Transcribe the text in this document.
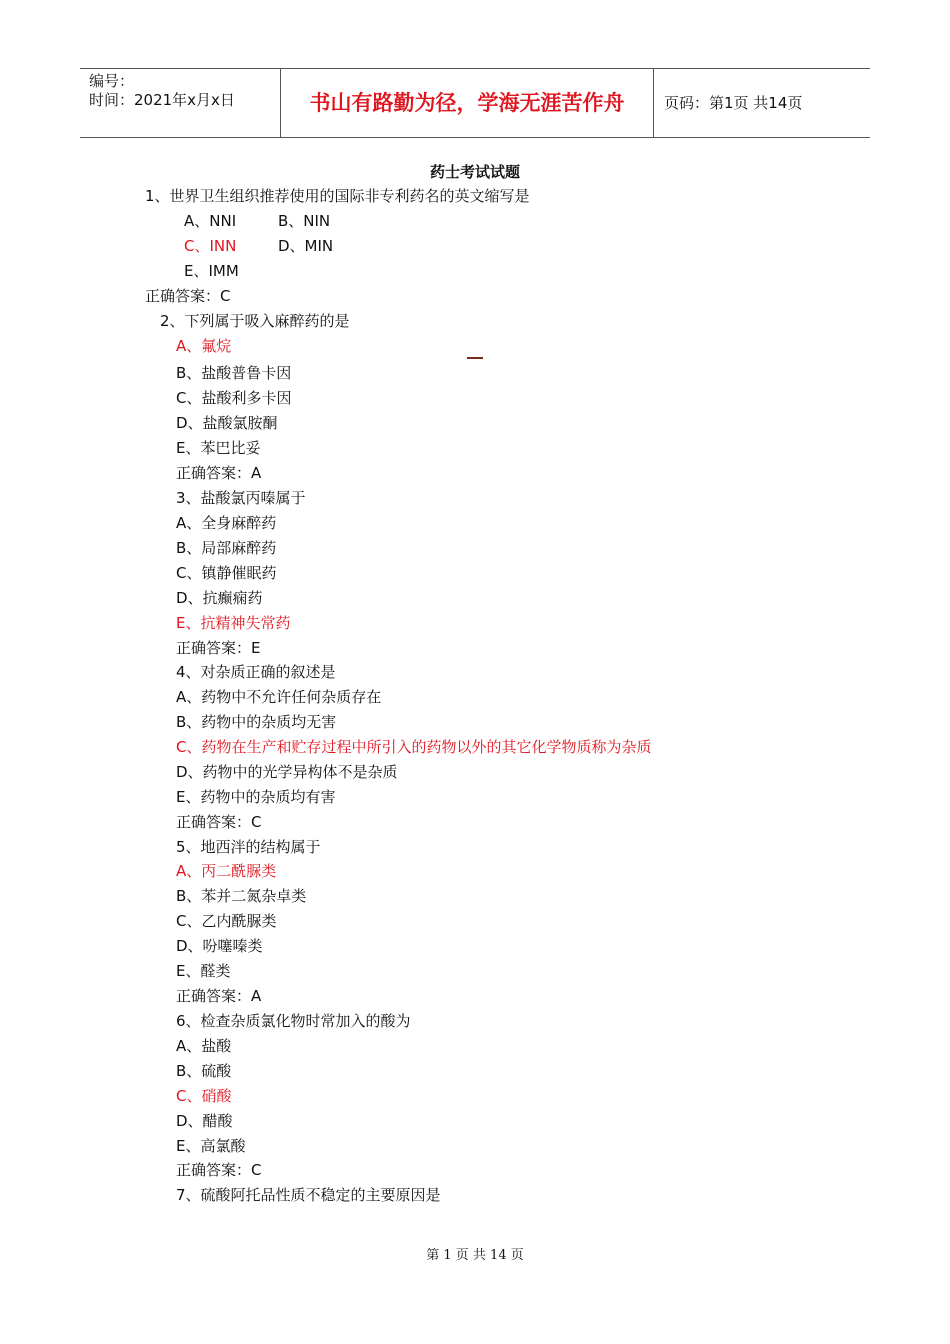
编号：
时间：2021年x月x日	书山有路勤为径，学海无涯苦作舟	页码：第1页 共14页
药士考试试题
1、世界卫生组织推荐使用的国际非专利药名的英文缩写是
A、NNI	B、NIN
C、INN	D、MIN
E、IMM
正确答案：C
2、下列属于吸入麻醉药的是
A、氟烷
B、盐酸普鲁卡因
C、盐酸利多卡因
D、盐酸氯胺酮
E、苯巴比妥
正确答案：A
3、盐酸氯丙嗪属于
A、全身麻醉药
B、局部麻醉药
C、镇静催眠药
D、抗癫痫药
E、抗精神失常药
正确答案：E
4、对杂质正确的叙述是
A、药物中不允许任何杂质存在
B、药物中的杂质均无害
C、药物在生产和贮存过程中所引入的药物以外的其它化学物质称为杂质
D、药物中的光学异构体不是杂质
E、药物中的杂质均有害
正确答案：C
5、地西泮的结构属于
A、丙二酰脲类
B、苯并二氮杂卓类
C、乙内酰脲类
D、吩噻嗪类
E、醛类
正确答案：A
6、检查杂质氯化物时常加入的酸为
A、盐酸
B、硫酸
C、硝酸
D、醋酸
E、高氯酸
正确答案：C
7、硫酸阿托品性质不稳定的主要原因是
第 1 页 共 14 页
